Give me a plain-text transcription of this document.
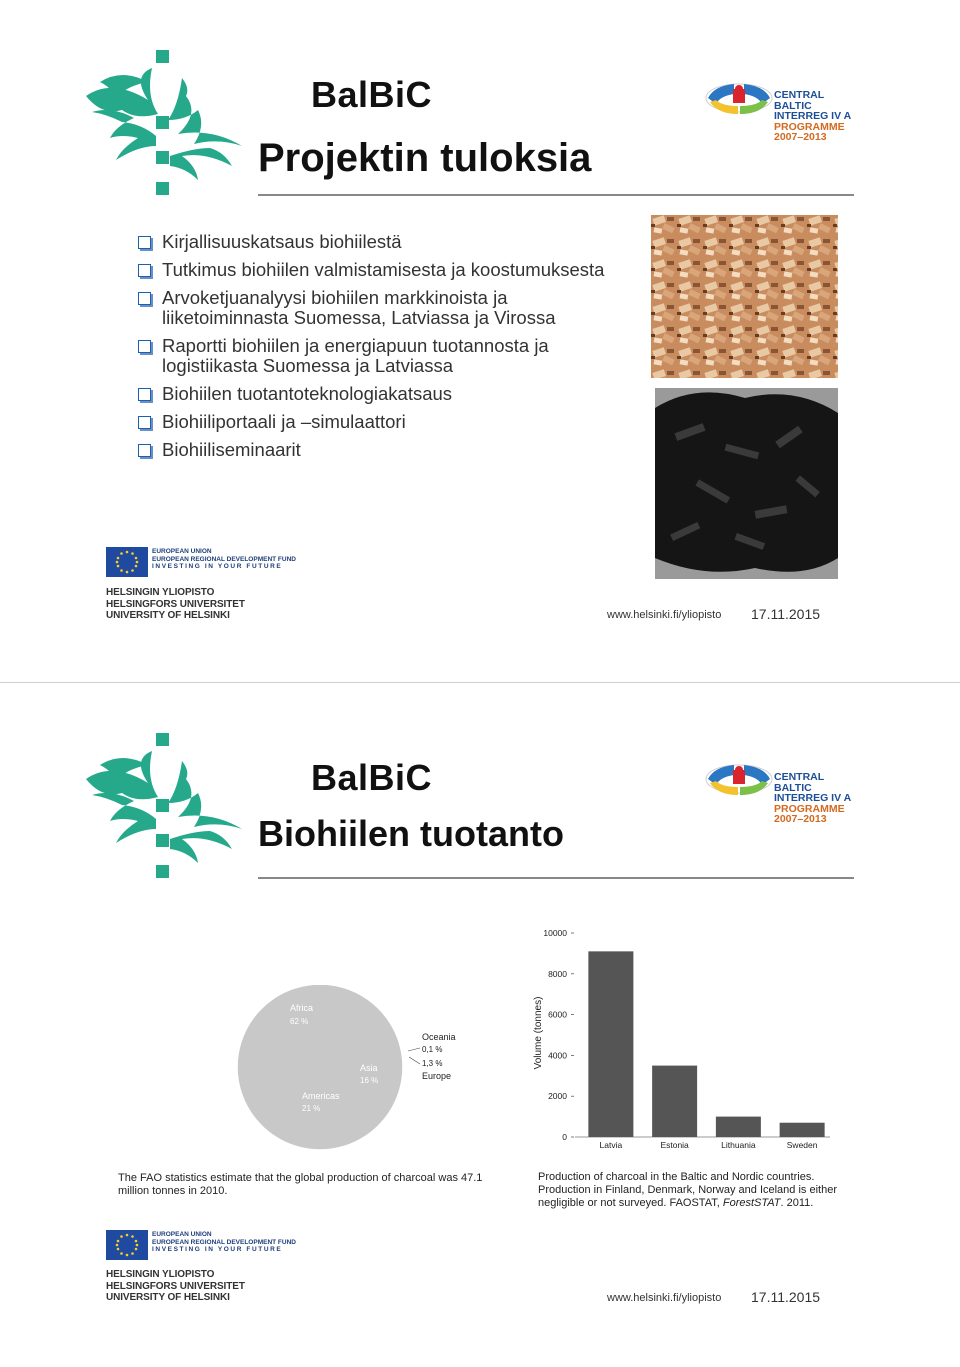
BalBiC	CENTRAL BALTIC
INTERREG IV A
PROGRAMME
2007–2013
Projektin tuloksia
Kirjallisuuskatsaus biohiilestä
Tutkimus biohiilen valmistamisesta ja koostumuksesta
Arvoketjuanalyysi biohiilen markkinoista ja liiketoiminnasta Suomessa, Latviassa ja Virossa
Raportti biohiilen ja energiapuun tuotannosta ja logistiikasta Suomessa ja Latviassa
Biohiilen tuotantoteknologiakatsaus
Biohiiliportaali ja –simulaattori
Biohiiliseminaarit
EUROPEAN UNION
EUROPEAN REGIONAL DEVELOPMENT FUND
INVESTING IN YOUR FUTURE
HELSINGIN YLIOPISTO
HELSINGFORS UNIVERSITET
UNIVERSITY OF HELSINKI	www.helsinki.fi/yliopisto 17.11.2015
BalBiC	CENTRAL BALTIC
INTERREG IV A
PROGRAMME
2007–2013
Biohiilen tuotanto
Africa
62 %
Americas
21 %
Asia
16 %
Oceania
0,1 %
Europe
1,3 %	Volume (tonnes)
0
2000
4000
6000
8000
10000
Latvia	Estonia	Lithuania	Sweden
The FAO statistics estimate that the global production of charcoal was 47.1 million tonnes in 2010.
Production of charcoal in the Baltic and Nordic countries. Production in Finland, Denmark, Norway and Iceland is either negligible or not surveyed. FAOSTAT, ForestSTAT. 2011.
EUROPEAN UNION
EUROPEAN REGIONAL DEVELOPMENT FUND
INVESTING IN YOUR FUTURE
HELSINGIN YLIOPISTO
HELSINGFORS UNIVERSITET
UNIVERSITY OF HELSINKI	www.helsinki.fi/yliopisto 17.11.2015
